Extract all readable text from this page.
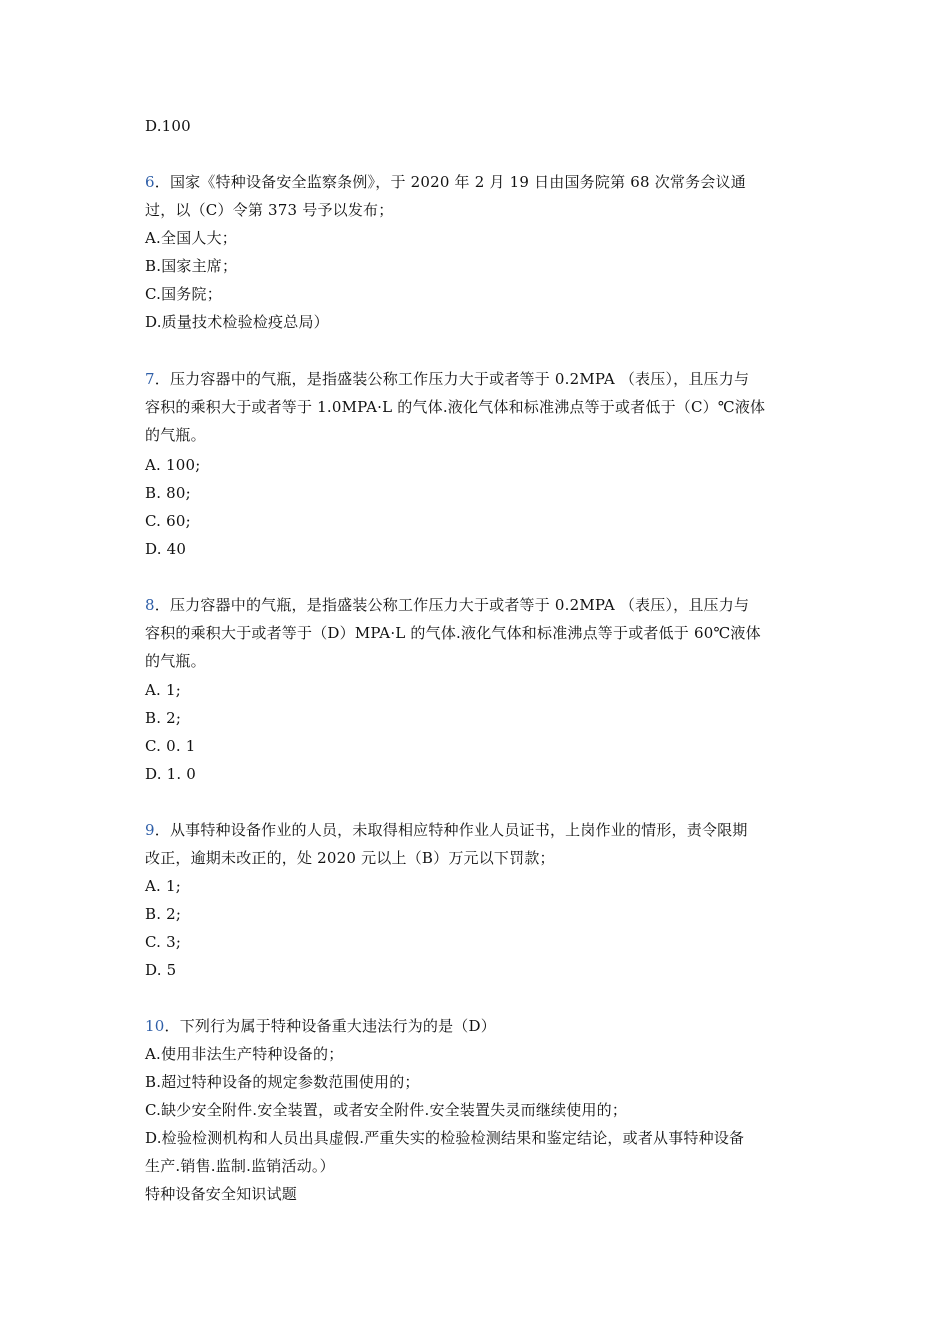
D.100
6．国家《特种设备安全监察条例》，于 2020 年 2 月 19 日由国务院第 68 次常务会议通
过，以（C）令第 373 号予以发布；
A.全国人大；
B.国家主席；
C.国务院；
D.质量技术检验检疫总局）
7．压力容器中的气瓶，是指盛装公称工作压力大于或者等于 0.2MPA （表压），且压力与
容积的乘积大于或者等于 1.0MPA·L 的气体.液化气体和标准沸点等于或者低于（C）℃液体
的气瓶。
A. 100;
B. 80;
C. 60;
D. 40
8．压力容器中的气瓶，是指盛装公称工作压力大于或者等于 0.2MPA （表压），且压力与
容积的乘积大于或者等于（D）MPA·L 的气体.液化气体和标准沸点等于或者低于 60℃液体
的气瓶。
A. 1;
B. 2;
C. 0. 1
D. 1. 0
9．从事特种设备作业的人员，未取得相应特种作业人员证书，上岗作业的情形，责令限期
改正，逾期未改正的，处 2020 元以上（B）万元以下罚款；
A. 1;
B. 2;
C. 3;
D. 5
10．下列行为属于特种设备重大违法行为的是（D）
A.使用非法生产特种设备的；
B.超过特种设备的规定参数范围使用的；
C.缺少安全附件.安全装置，或者安全附件.安全装置失灵而继续使用的；
D.检验检测机构和人员出具虚假.严重失实的检验检测结果和鉴定结论，或者从事特种设备
生产.销售.监制.监销活动。）
特种设备安全知识试题
